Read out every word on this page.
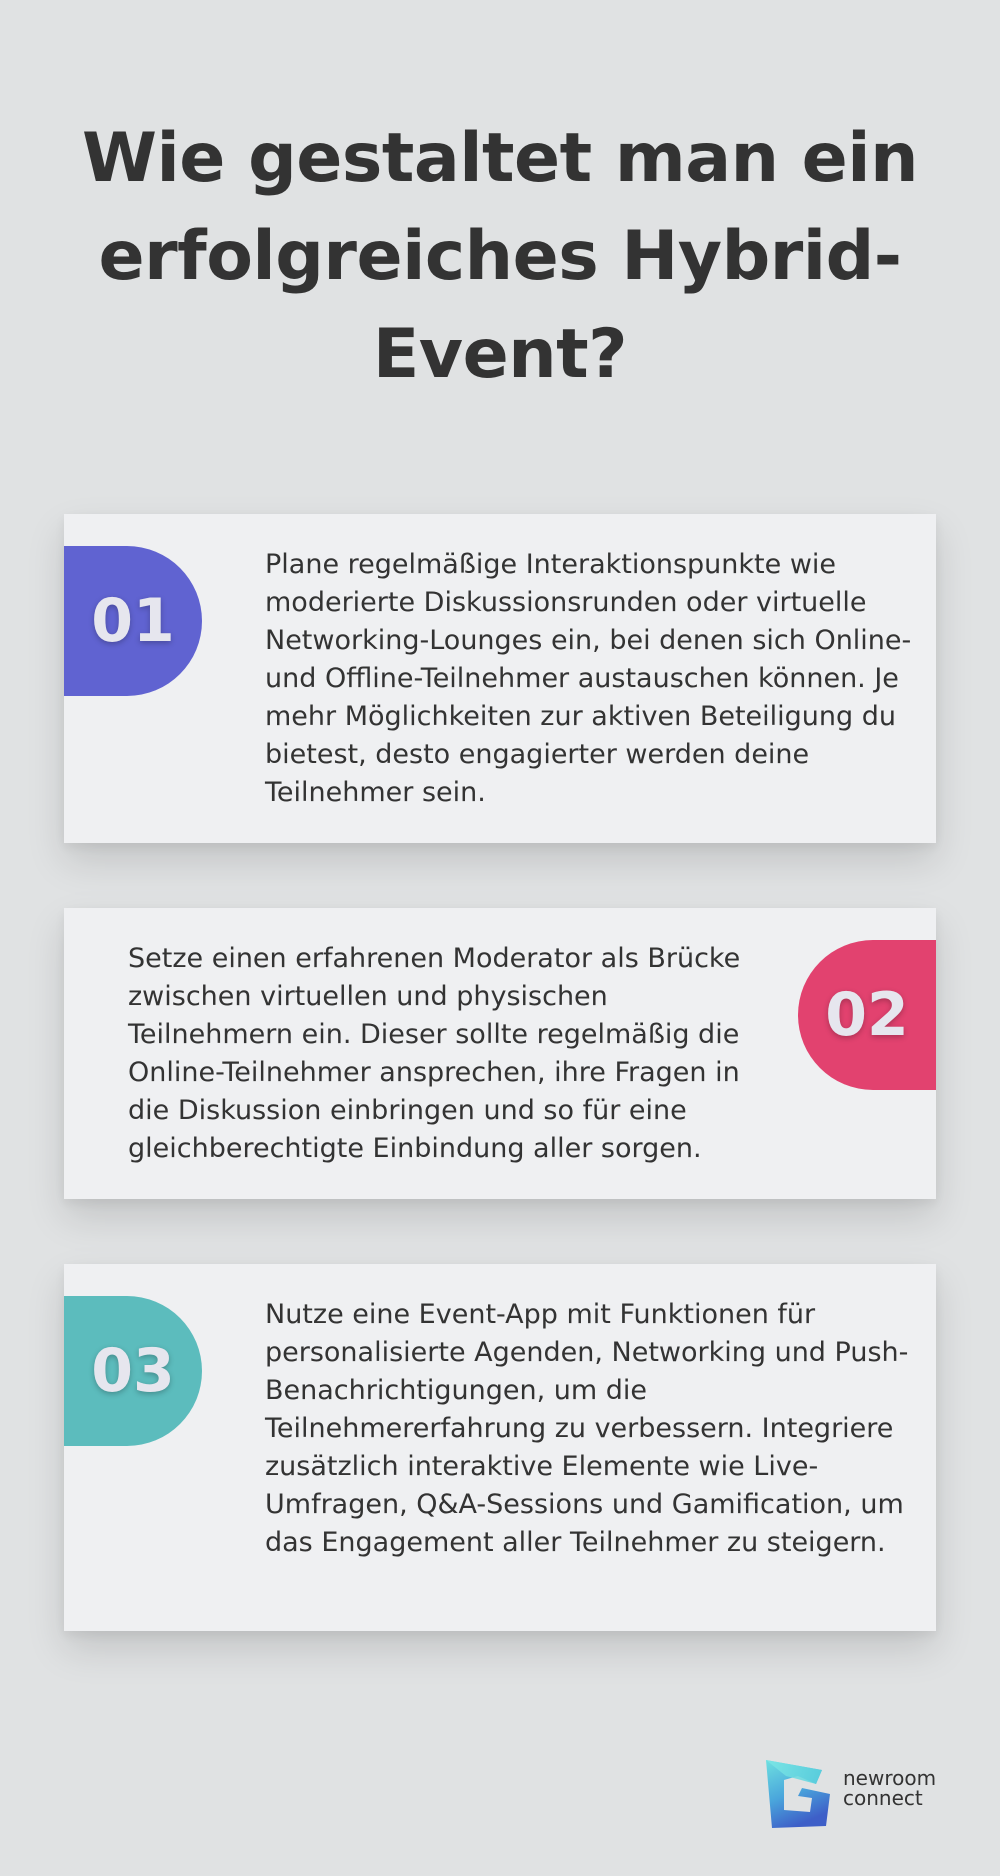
Wie gestaltet man ein erfolgreiches Hybrid-Event?
01

Plane regelmäßige Interaktionspunkte wie moderierte Diskussionsrunden oder virtuelle Networking-Lounges ein, bei denen sich Online- und Offline-Teilnehmer austauschen können. Je mehr Möglichkeiten zur aktiven Beteiligung du bietest, desto engagierter werden deine Teilnehmer sein.

Setze einen erfahrenen Moderator als Brücke zwischen virtuellen und physischen Teilnehmern ein. Dieser sollte regelmäßig die Online-Teilnehmer ansprechen, ihre Fragen in die Diskussion einbringen und so für eine gleichberechtigte Einbindung aller sorgen.

02
03

Nutze eine Event-App mit Funktionen für personalisierte Agenden, Networking und Push-Benachrichtigungen, um die Teilnehmererfahrung zu verbessern. Integriere zusätzlich interaktive Elemente wie Live-Umfragen, Q&A-Sessions und Gamification, um das Engagement aller Teilnehmer zu steigern.

newroom
connect
